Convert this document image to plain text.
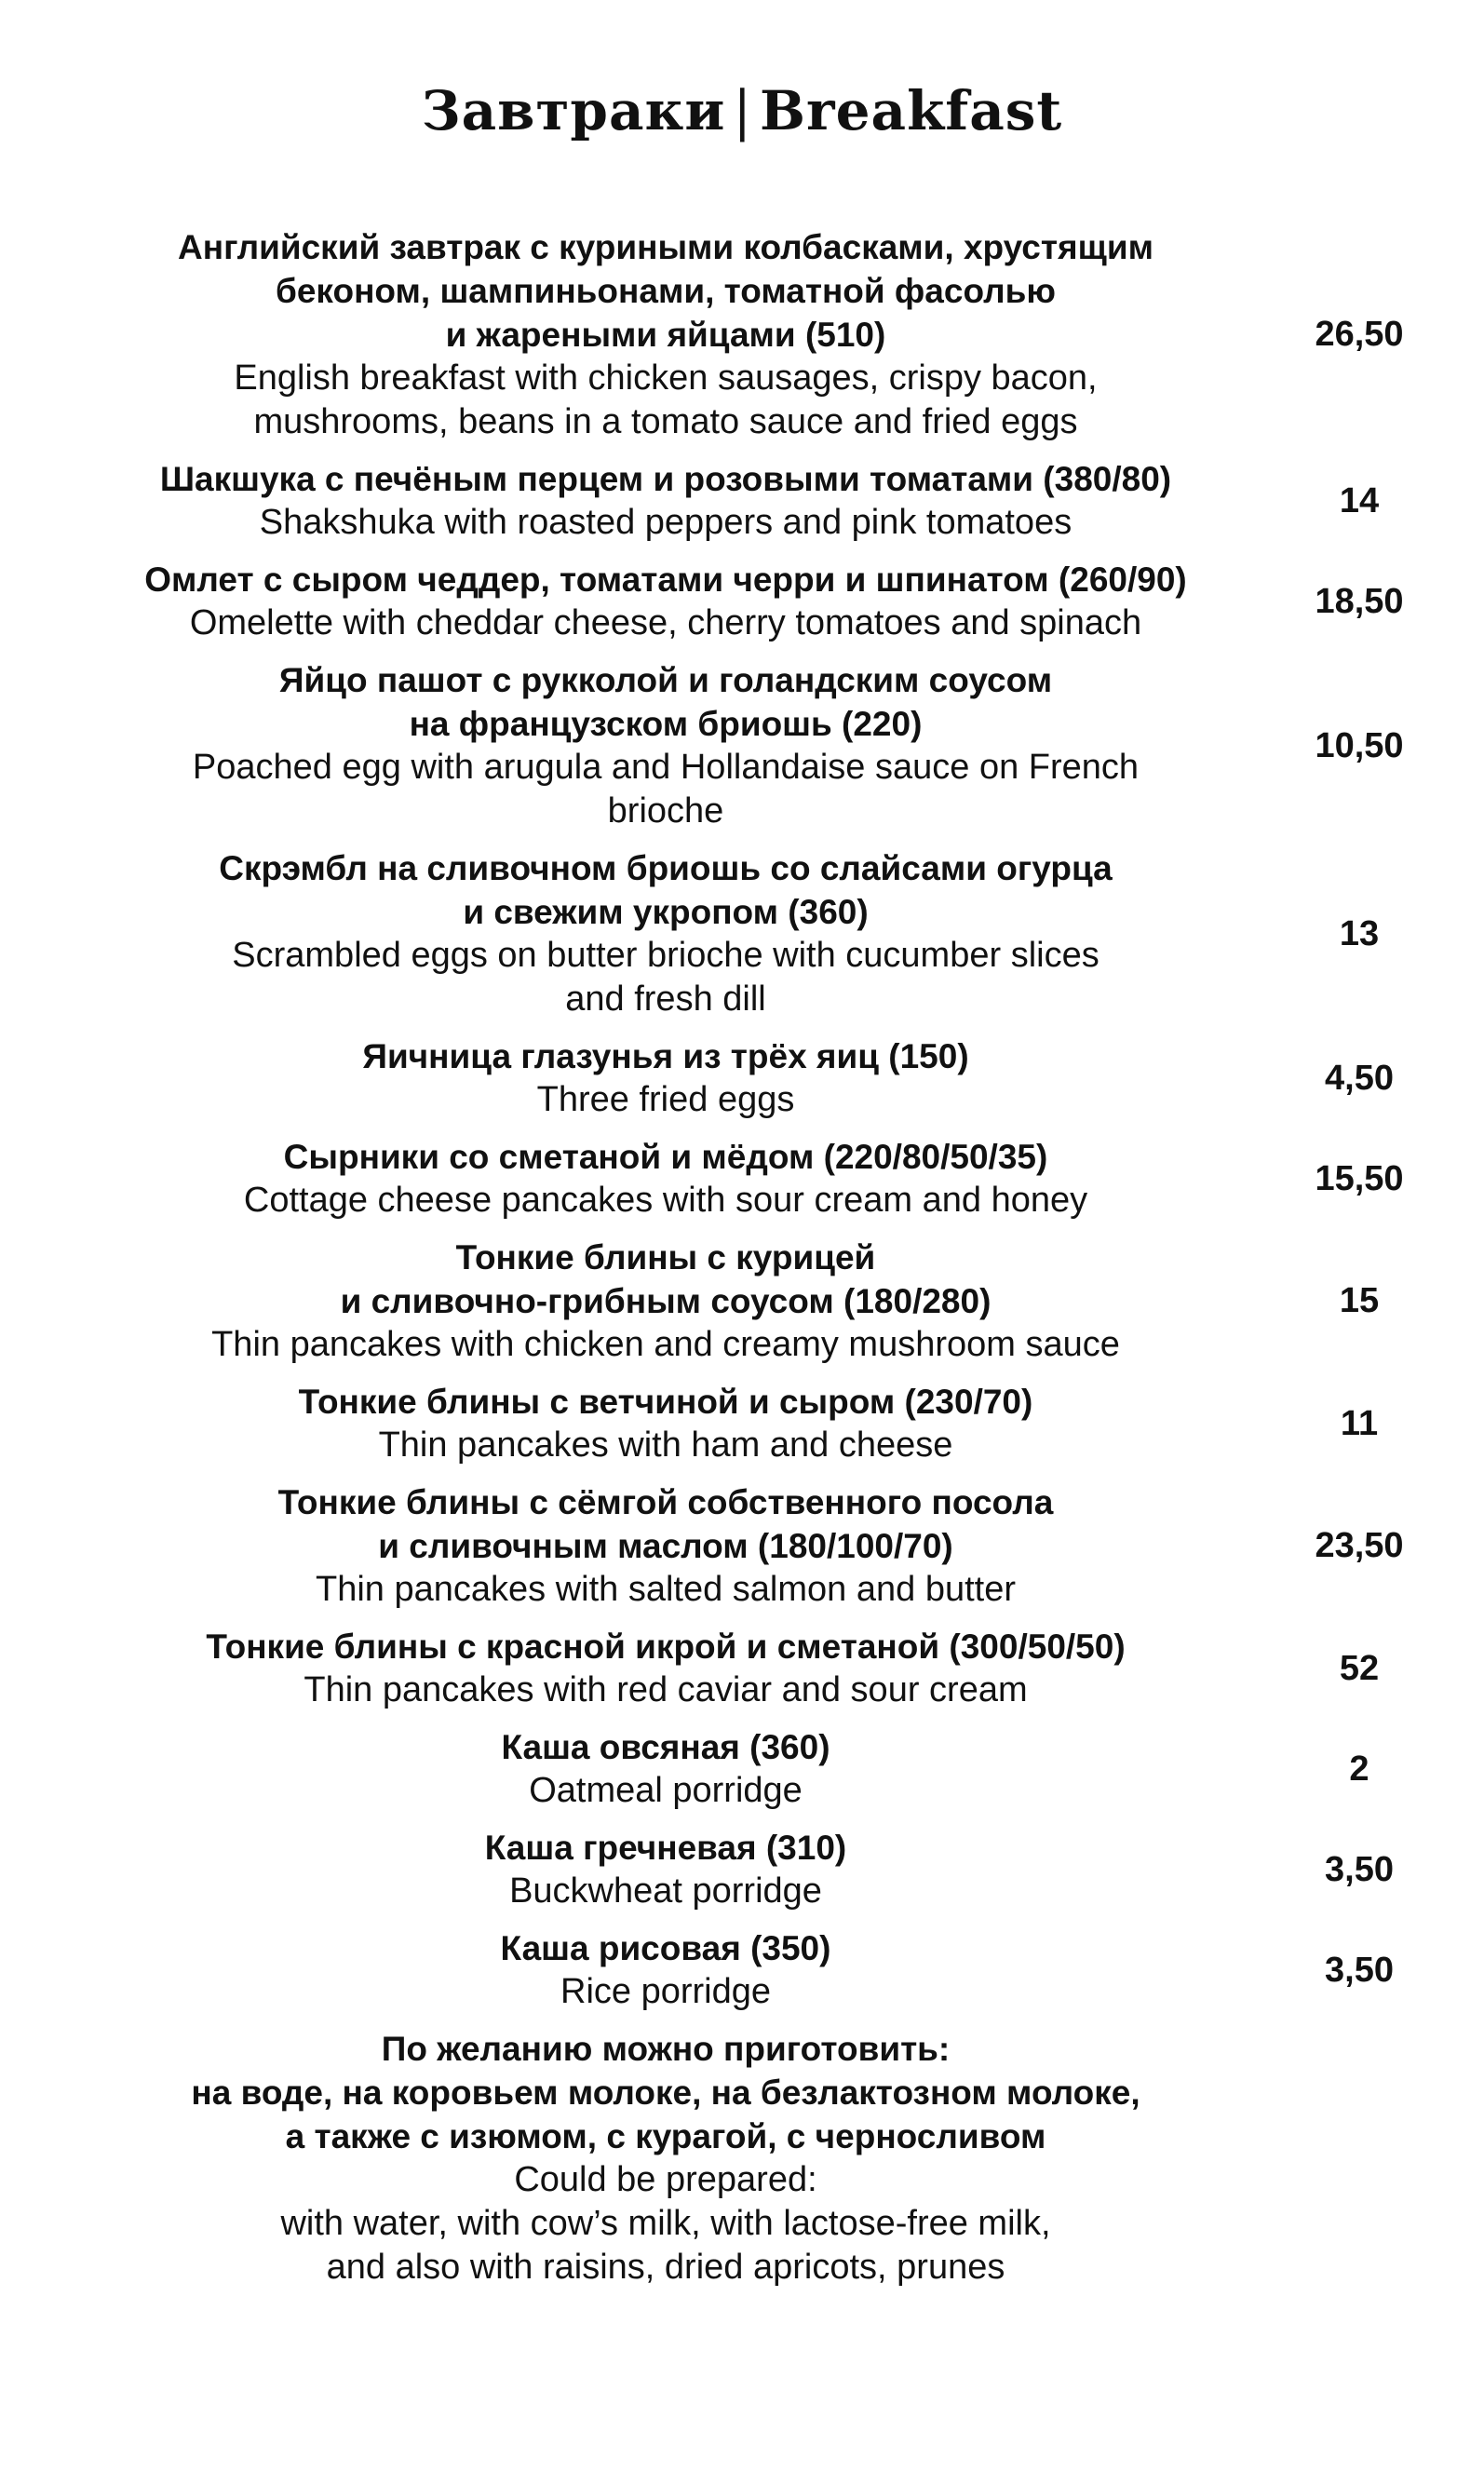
Завтраки | Breakfast
Английский завтрак с куриными колбасками, хрустящим
беконом, шампиньонами, томатной фасолью
и жареными яйцами (510)
English breakfast with chicken sausages, crispy bacon,
mushrooms, beans in a tomato sauce and fried eggs
26,50
Шакшука с печёным перцем и розовыми томатами (380/80)
Shakshuka with roasted peppers and pink tomatoes
14
Омлет с сыром чеддер, томатами черри и шпинатом (260/90)
Omelette with cheddar cheese, cherry tomatoes and spinach
18,50
Яйцо пашот с рукколой и голандским соусом
на французском бриошь (220)
Poached egg with arugula and Hollandaise sauce on French
brioche
10,50
Скрэмбл на сливочном бриошь со слайсами огурца
и свежим укропом (360)
Scrambled eggs on butter brioche with cucumber slices
and fresh dill
13
Яичница глазунья из трёх яиц (150)
Three fried eggs
4,50
Сырники со сметаной и мёдом (220/80/50/35)
Cottage cheese pancakes with sour cream and honey
15,50
Тонкие блины с курицей
и сливочно-грибным соусом (180/280)
Thin pancakes with chicken and creamy mushroom sauce
15
Тонкие блины с ветчиной и сыром (230/70)
Thin pancakes with ham and cheese
11
Тонкие блины с сёмгой собственного посола
и сливочным маслом (180/100/70)
Thin pancakes with salted salmon and butter
23,50
Тонкие блины с красной икрой и сметаной (300/50/50)
Thin pancakes with red caviar and sour cream
52
Каша овсяная (360)
Oatmeal porridge
2
Каша гречневая (310)
Buckwheat porridge
3,50
Каша рисовая (350)
Rice porridge
3,50
По желанию можно приготовить:
на воде, на коровьем молоке, на безлактозном молоке,
а также с изюмом, с курагой, с черносливом
Could be prepared:
with water, with cow’s milk, with lactose-free milk,
and also with raisins, dried apricots, prunes
